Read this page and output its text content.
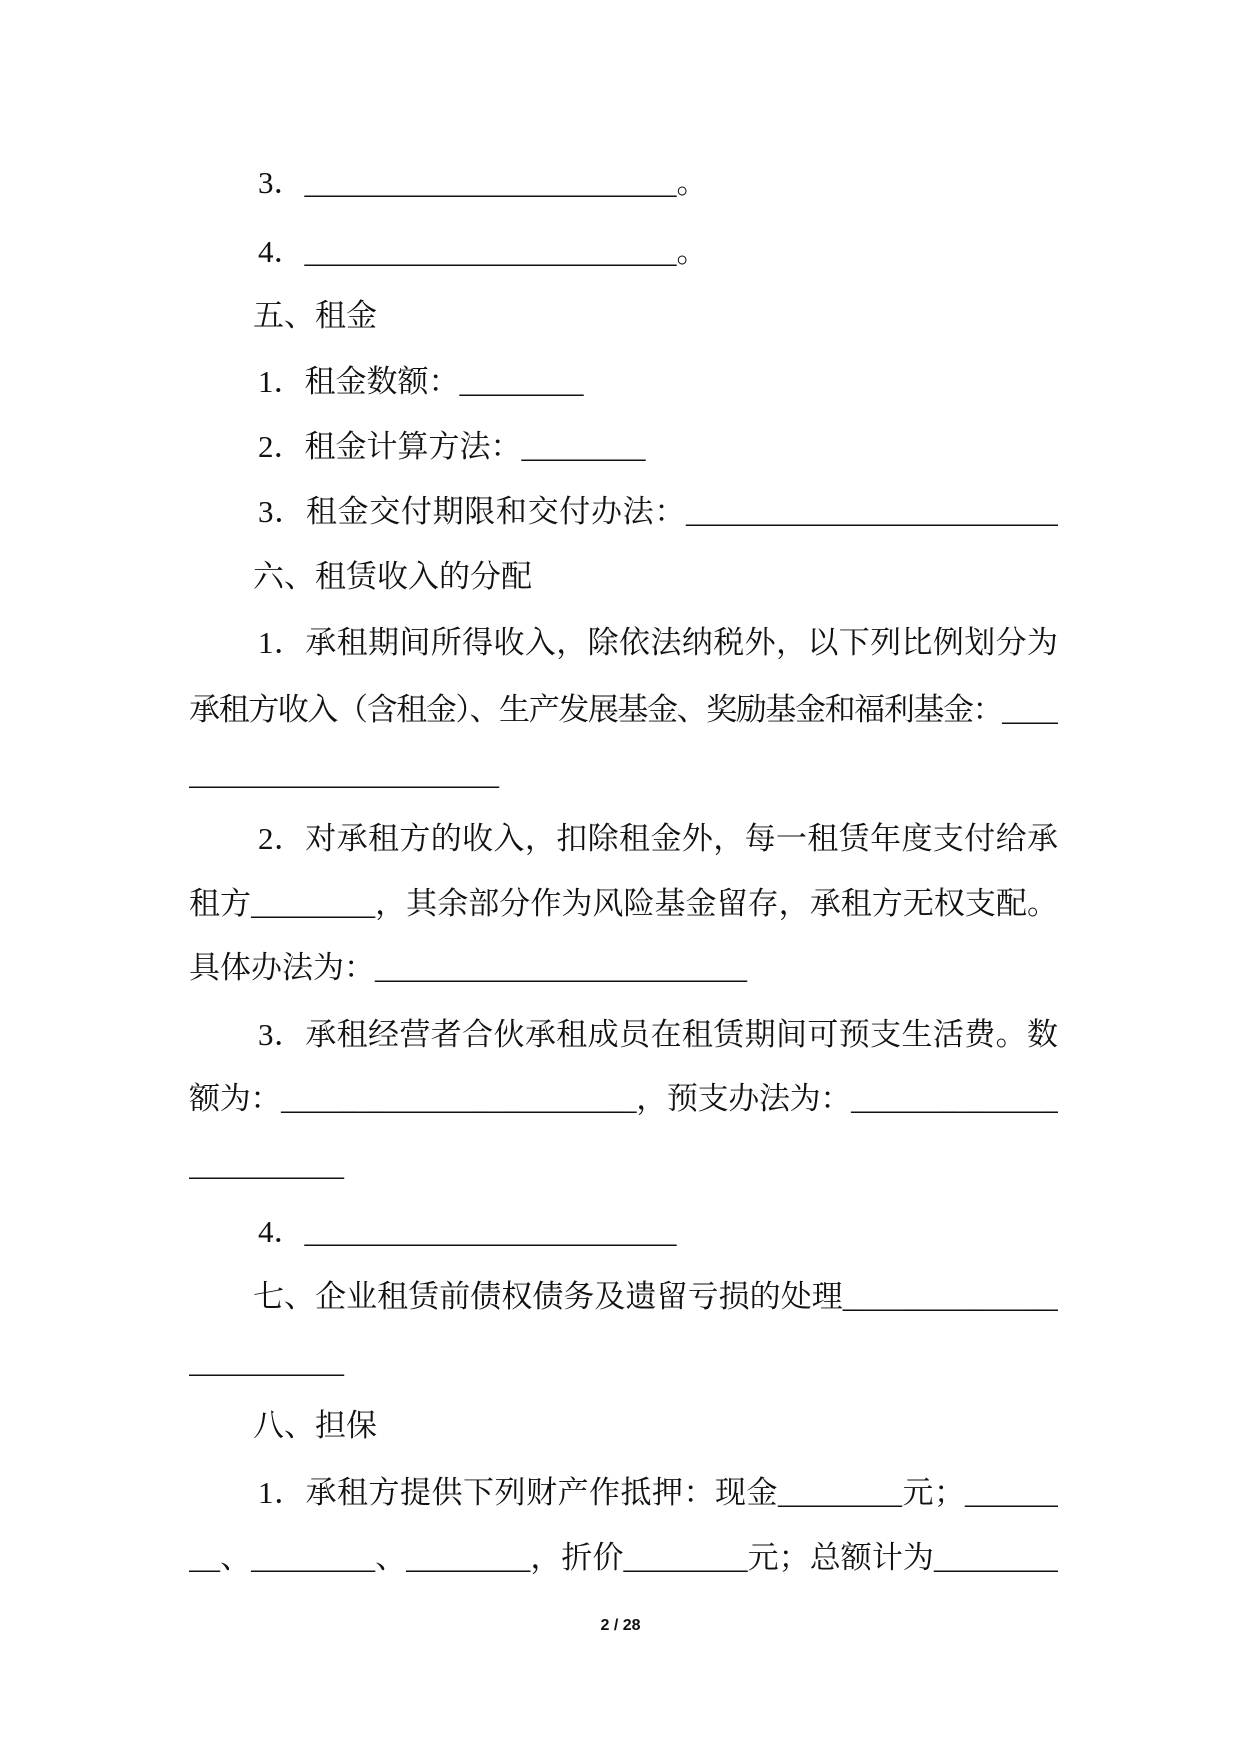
3．________________________。
4．________________________。
五、租金
1．租金数额：________
2．租金计算方法：________
3．租金交付期限和交付办法：________________________
六、租赁收入的分配
1．承租期间所得收入，除依法纳税外，以下列比例划分为
承租方收入（含租金）、生产发展基金、奖励基金和福利基金：____
____________________
2．对承租方的收入，扣除租金外，每一租赁年度支付给承
租方________，其余部分作为风险基金留存，承租方无权支配。
具体办法为：________________________
3．承租经营者合伙承租成员在租赁期间可预支生活费。数
额为：________________________，预支办法为：______________
__________
4．________________________
七、企业租赁前债权债务及遗留亏损的处理______________
__________
八、担保
1．承租方提供下列财产作抵押：现金________元；______
__、________、________，折价________元；总额计为________
2 / 28
